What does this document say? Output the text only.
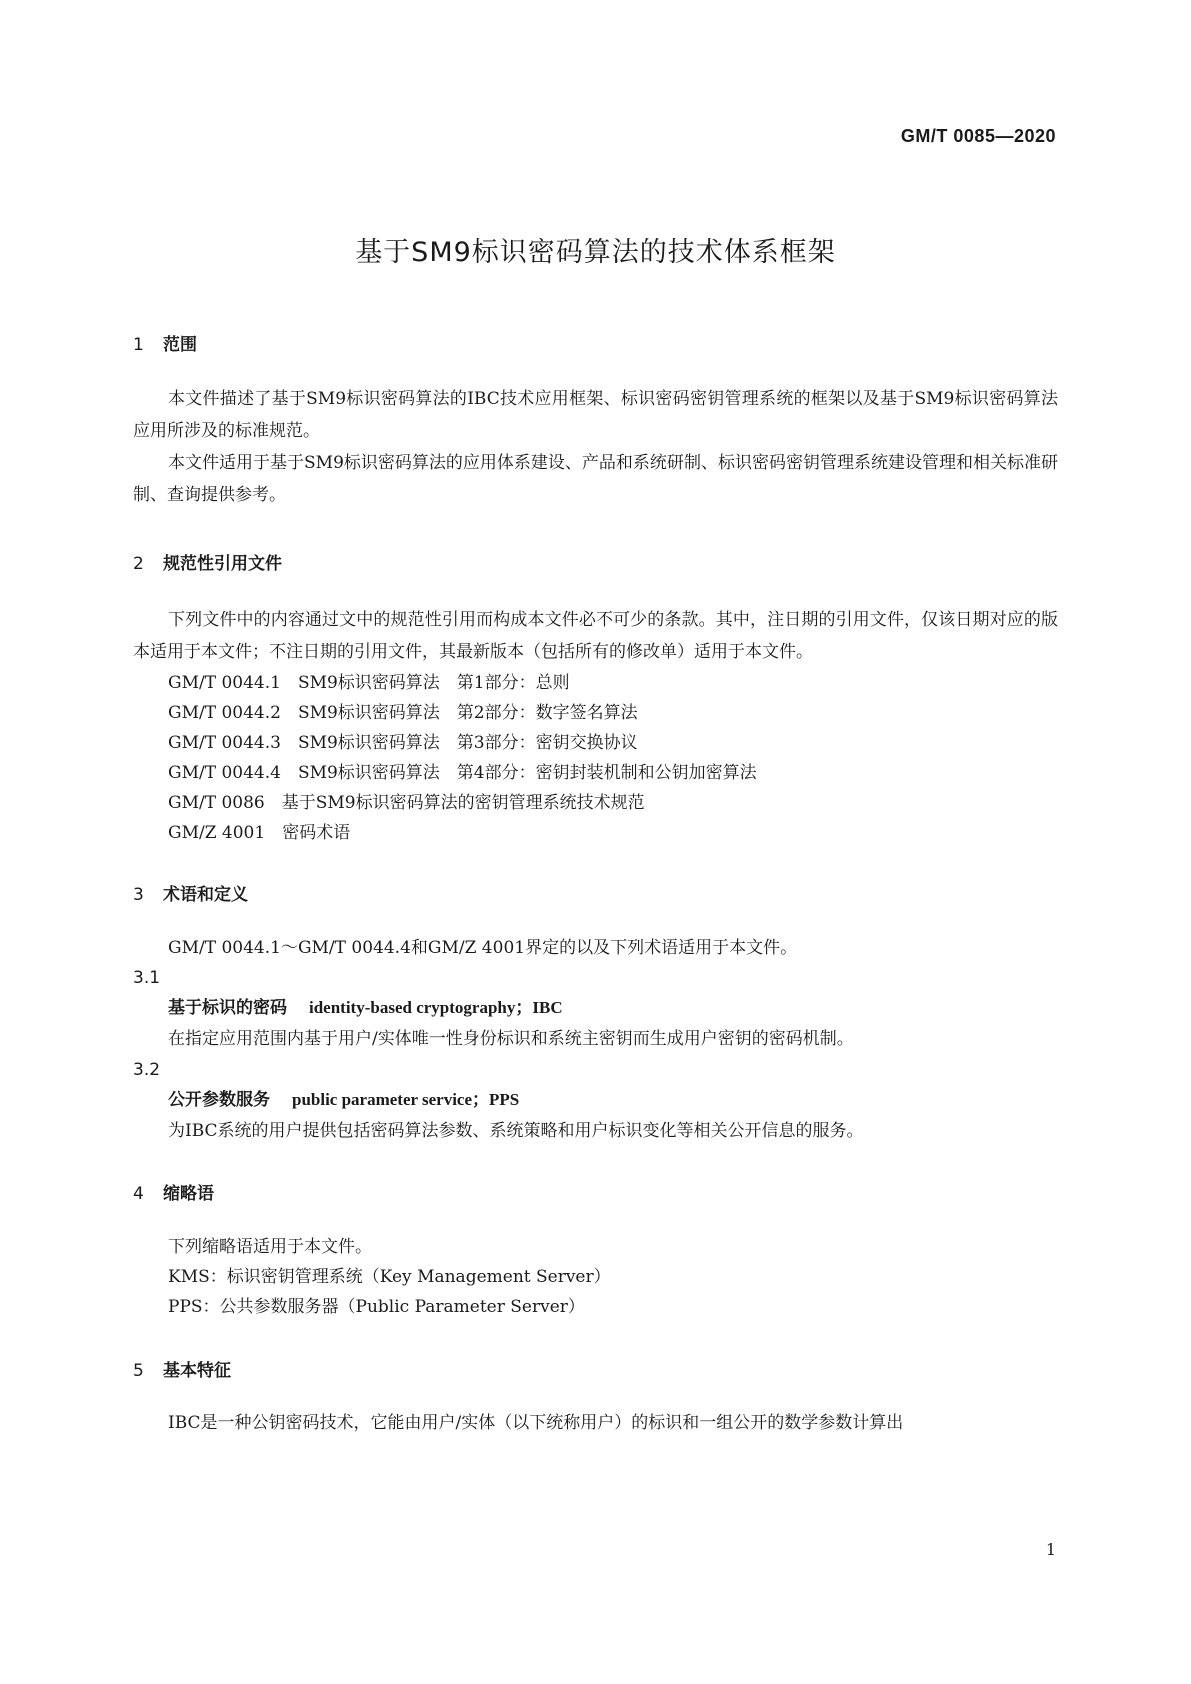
GM/T 0085—2020
基于SM9标识密码算法的技术体系框架

1 范围

本文件描述了基于SM9标识密码算法的IBC技术应用框架、标识密码密钥管理系统的框架以及基于SM9标识密码算法应用所涉及的标准规范。

本文件适用于基于SM9标识密码算法的应用体系建设、产品和系统研制、标识密码密钥管理系统建设管理和相关标准研制、查询提供参考。

2 规范性引用文件

下列文件中的内容通过文中的规范性引用而构成本文件必不可少的条款。其中，注日期的引用文件，仅该日期对应的版本适用于本文件；不注日期的引用文件，其最新版本（包括所有的修改单）适用于本文件。

GM/T 0044.1　SM9标识密码算法　第1部分：总则

GM/T 0044.2　SM9标识密码算法　第2部分：数字签名算法

GM/T 0044.3　SM9标识密码算法　第3部分：密钥交换协议

GM/T 0044.4　SM9标识密码算法　第4部分：密钥封装机制和公钥加密算法

GM/T 0086　基于SM9标识密码算法的密钥管理系统技术规范

GM/Z 4001　密码术语

3 术语和定义

GM/T 0044.1～GM/T 0044.4和GM/Z 4001界定的以及下列术语适用于本文件。

3.1

基于标识的密码 identity-based cryptography；IBC

在指定应用范围内基于用户/实体唯一性身份标识和系统主密钥而生成用户密钥的密码机制。

3.2

公开参数服务 public parameter service；PPS

为IBC系统的用户提供包括密码算法参数、系统策略和用户标识变化等相关公开信息的服务。

4 缩略语

下列缩略语适用于本文件。

KMS：标识密钥管理系统（Key Management Server）

PPS：公共参数服务器（Public Parameter Server）

5 基本特征

IBC是一种公钥密码技术，它能由用户/实体（以下统称用户）的标识和一组公开的数学参数计算出

1
